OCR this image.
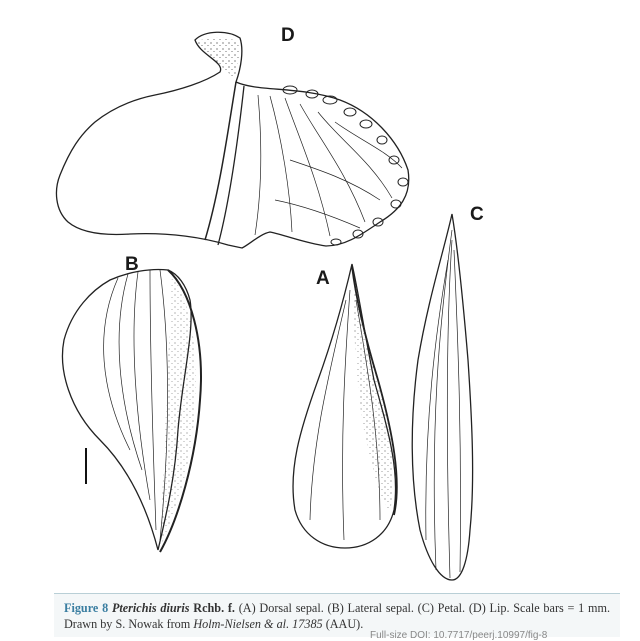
D
C
B
A
Figure 8 Pterichis diuris Rchb. f. (A) Dorsal sepal. (B) Lateral sepal. (C) Petal. (D) Lip. Scale bars = 1 mm. Drawn by S. Nowak from Holm-Nielsen & al. 17385 (AAU).
Full-size DOI: 10.7717/peerj.10997/fig-8
